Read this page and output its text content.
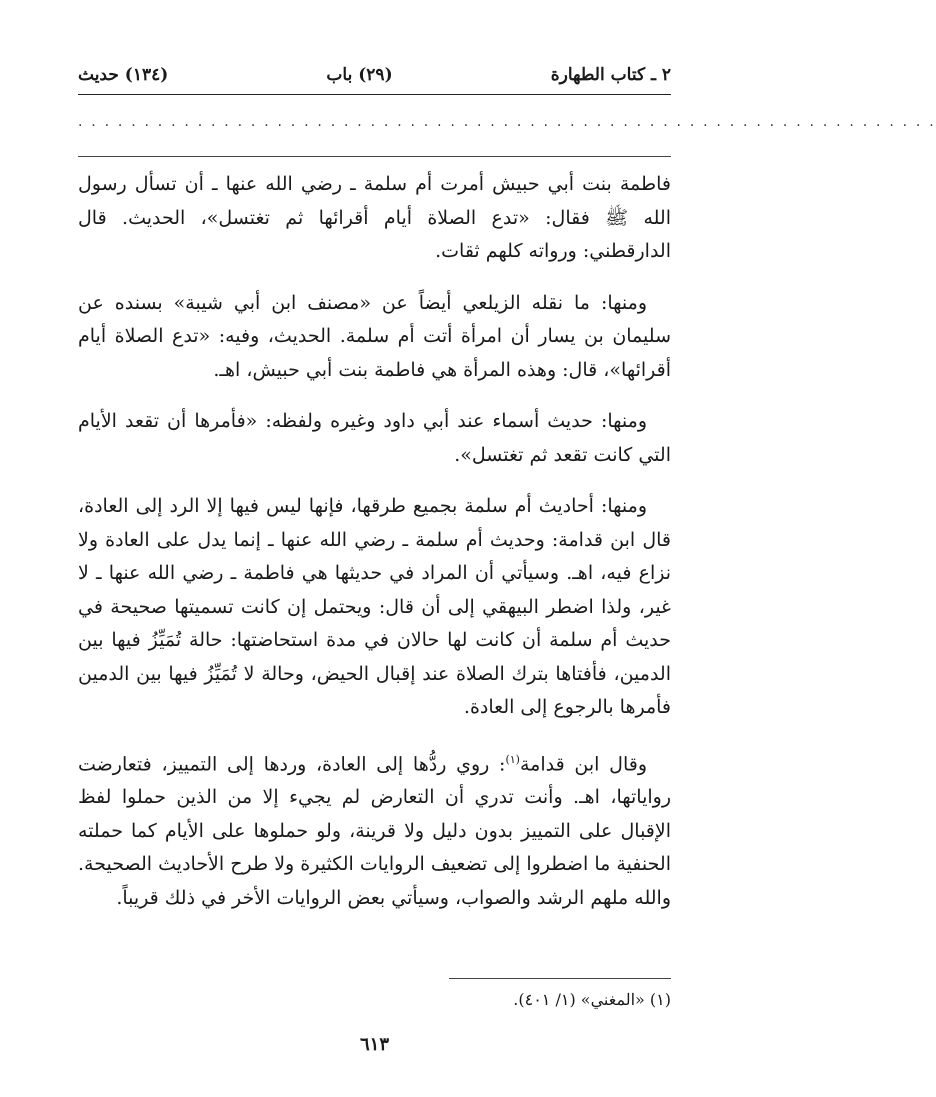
٢ ـ كتاب الطهارة
(٢٩) باب
(١٣٤) حديث
. . . . . . . . . . . . . . . . . . . . . . . . . . . . . . . . . . . . . . . . . . . . . . . . . . . . . . . . . . . . . . . . .

فاطمة بنت أبي حبيش أمرت أم سلمة ـ رضي الله عنها ـ أن تسأل رسول الله ﷺ فقال: «تدع الصلاة أيام أقرائها ثم تغتسل»، الحديث. قال الدارقطني: ورواته كلهم ثقات.

ومنها: ما نقله الزيلعي أيضاً عن «مصنف ابن أبي شيبة» بسنده عن سليمان بن يسار أن امرأة أتت أم سلمة. الحديث، وفيه: «تدع الصلاة أيام أقرائها»، قال: وهذه المرأة هي فاطمة بنت أبي حبيش، اهـ.

ومنها: حديث أسماء عند أبي داود وغيره ولفظه: «فأمرها أن تقعد الأيام التي كانت تقعد ثم تغتسل».

ومنها: أحاديث أم سلمة بجميع طرقها، فإنها ليس فيها إلا الرد إلى العادة، قال ابن قدامة: وحديث أم سلمة ـ رضي الله عنها ـ إنما يدل على العادة ولا نزاع فيه، اهـ. وسيأتي أن المراد في حديثها هي فاطمة ـ رضي الله عنها ـ لا غير، ولذا اضطر البيهقي إلى أن قال: ويحتمل إن كانت تسميتها صحيحة في حديث أم سلمة أن كانت لها حالان في مدة استحاضتها: حالة تُمَيِّزُ فيها بين الدمين، فأفتاها بترك الصلاة عند إقبال الحيض، وحالة لا تُمَيِّزُ فيها بين الدمين فأمرها بالرجوع إلى العادة.

وقال ابن قدامة$^{(١)}$: روي ردُّها إلى العادة، وردها إلى التمييز، فتعارضت رواياتها، اهـ. وأنت تدري أن التعارض لم يجيء إلا من الذين حملوا لفظ الإقبال على التمييز بدون دليل ولا قرينة، ولو حملوها على الأيام كما حملته الحنفية ما اضطروا إلى تضعيف الروايات الكثيرة ولا طرح الأحاديث الصحيحة. والله ملهم الرشد والصواب، وسيأتي بعض الروايات الأخر في ذلك قريباً.

(١) «المغني» (١/ ٤٠١).
٦١٣
